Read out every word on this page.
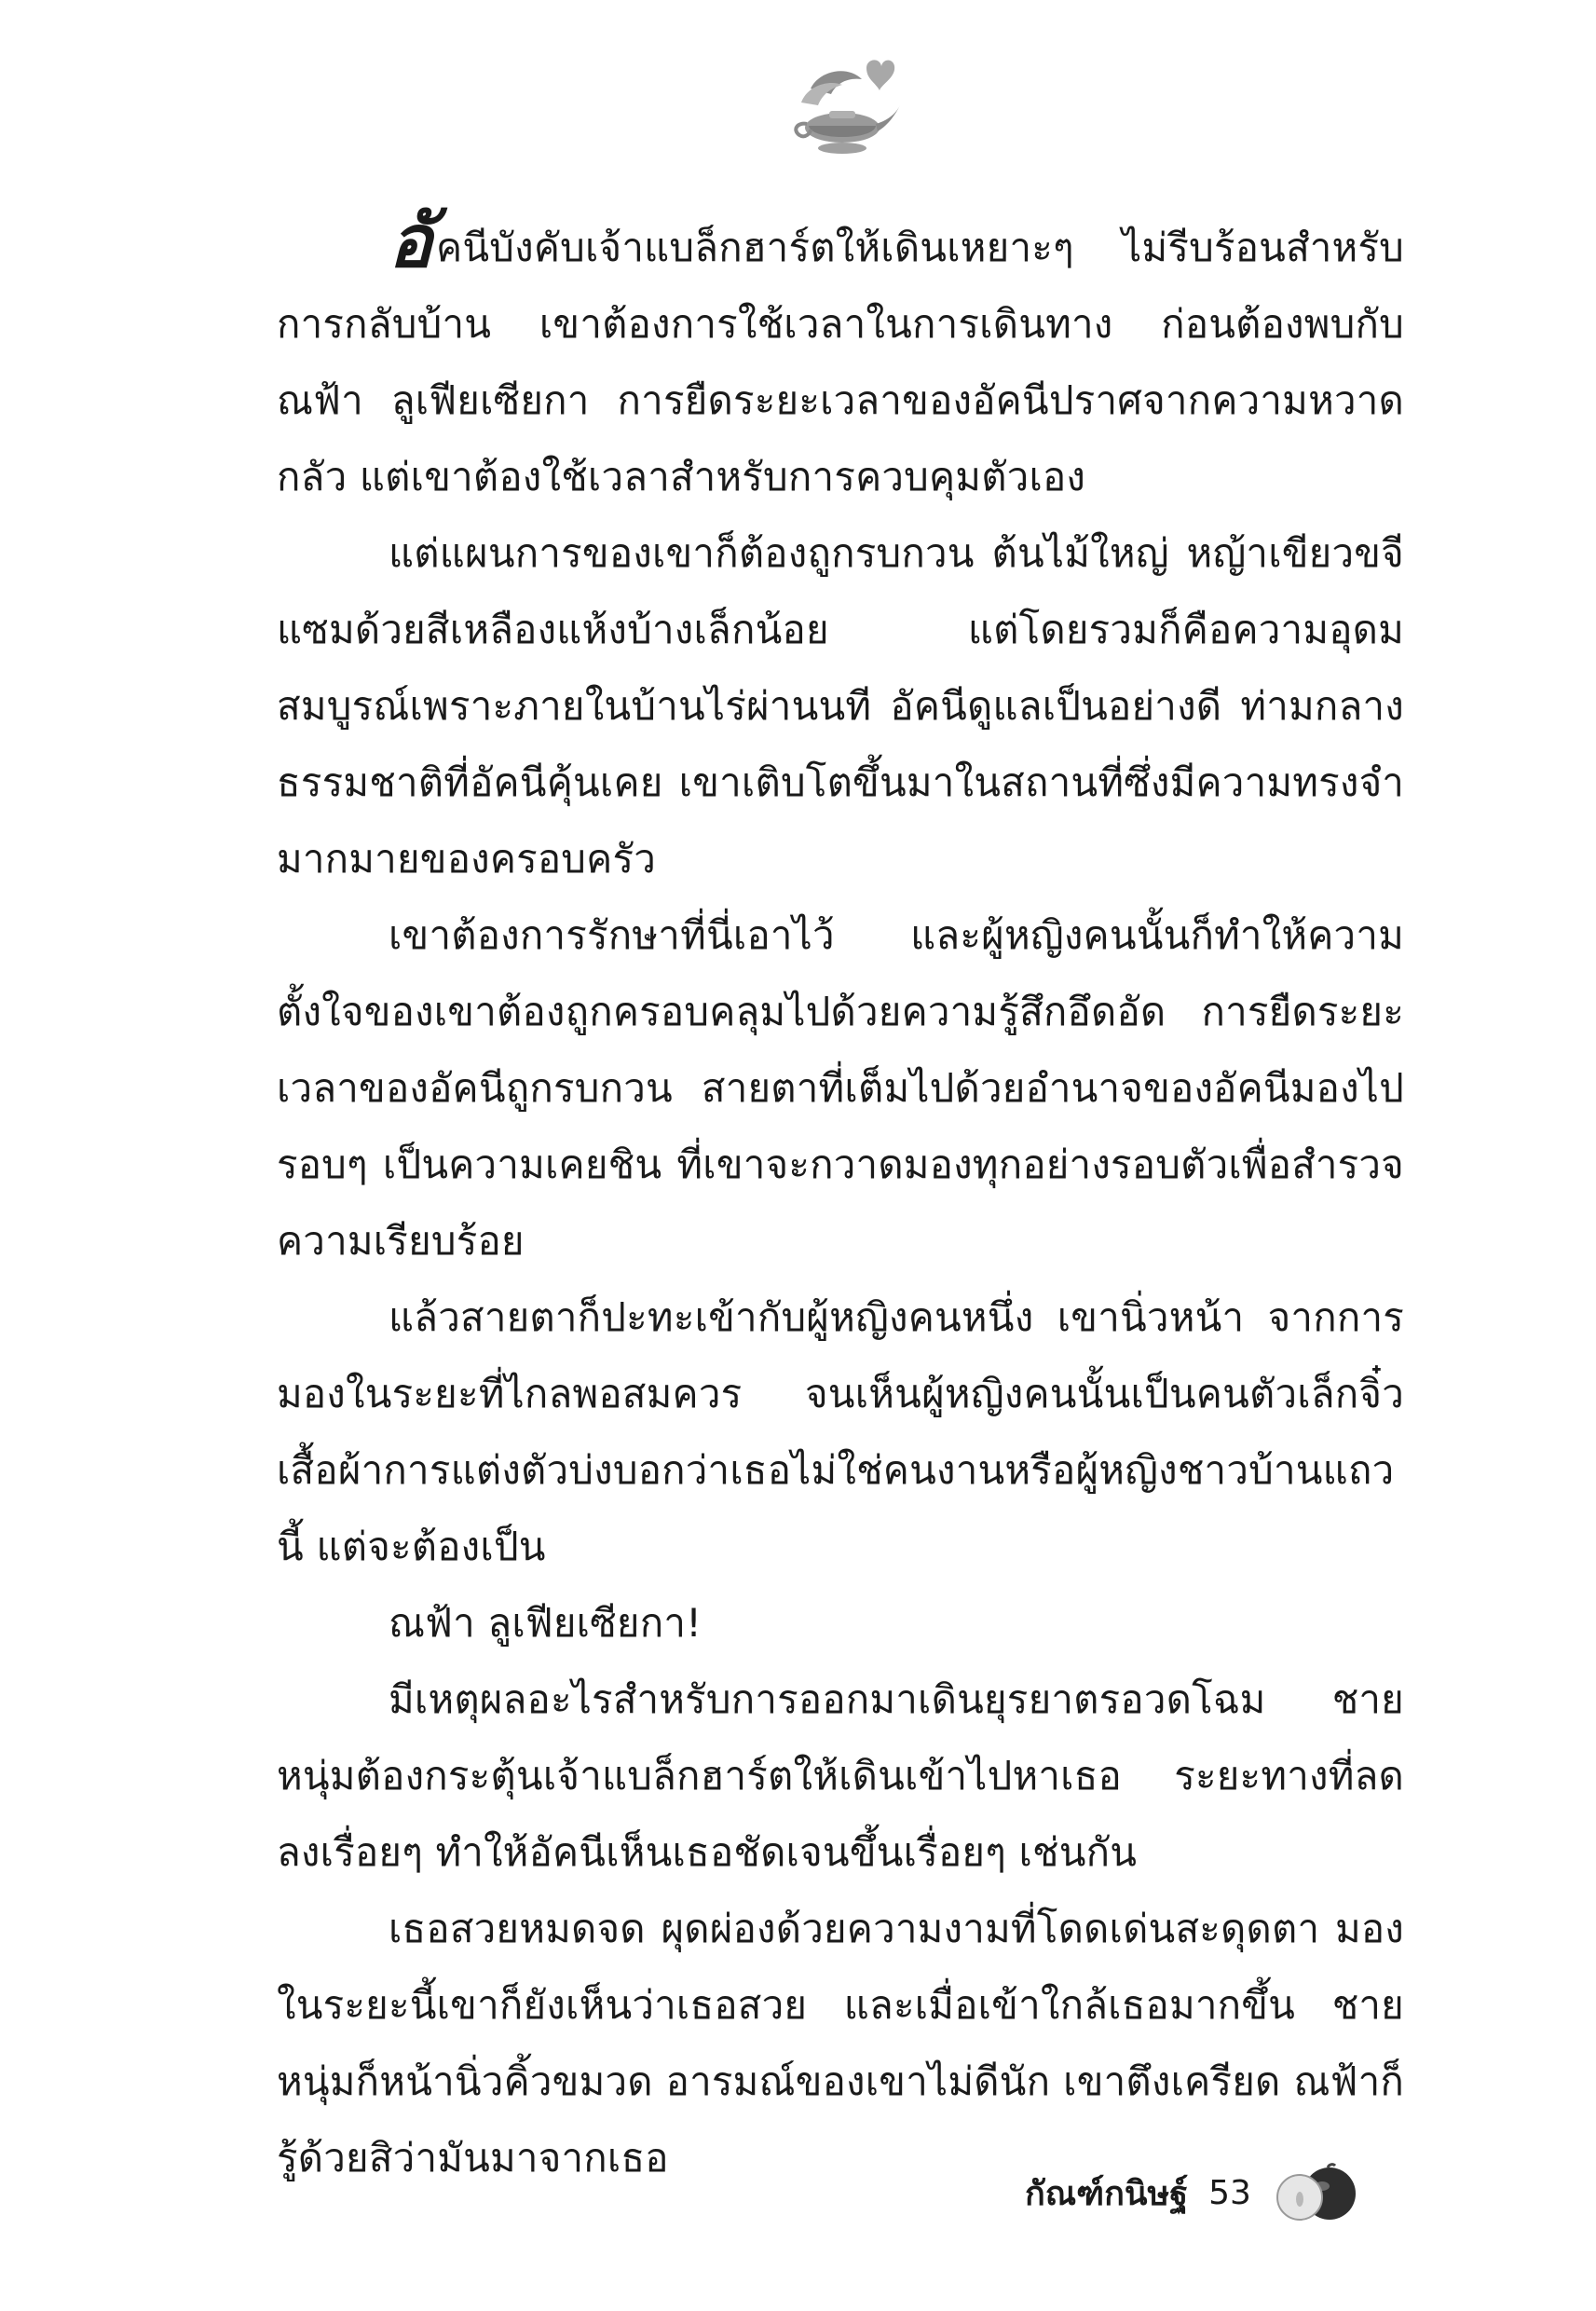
อัคนีบังคับเจ้าแบล็กฮาร์ตให้เดินเหยาะๆ ไม่รีบร้อนสำหรับการกลับบ้าน เขาต้องการใช้เวลาในการเดินทาง ก่อนต้องพบกับ ณฟ้า ลูเฟียเซียกา การยืดระยะเวลาของอัคนีปราศจากความหวาดกลัว แต่เขาต้องใช้เวลาสำหรับการควบคุมตัวเอง

แต่แผนการของเขาก็ต้องถูกรบกวน ต้นไม้ใหญ่ หญ้าเขียวขจีแซมด้วยสีเหลืองแห้งบ้างเล็กน้อย แต่โดยรวมก็คือความอุดมสมบูรณ์เพราะภายในบ้านไร่ผ่านนที อัคนีดูแลเป็นอย่างดี ท่ามกลางธรรมชาติที่อัคนีคุ้นเคย เขาเติบโตขึ้นมาในสถานที่ซึ่งมีความทรงจำมากมายของครอบครัว

เขาต้องการรักษาที่นี่เอาไว้ และผู้หญิงคนนั้นก็ทำให้ความตั้งใจของเขาต้องถูกครอบคลุมไปด้วยความรู้สึกอึดอัด การยืดระยะเวลาของอัคนีถูกรบกวน สายตาที่เต็มไปด้วยอำนาจของอัคนีมองไปรอบๆ เป็นความเคยชิน ที่เขาจะกวาดมองทุกอย่างรอบตัวเพื่อสำรวจความเรียบร้อย

แล้วสายตาก็ปะทะเข้ากับผู้หญิงคนหนึ่ง เขานิ่วหน้า จากการมองในระยะที่ไกลพอสมควร จนเห็นผู้หญิงคนนั้นเป็นคนตัวเล็กจิ๋ว เสื้อผ้าการแต่งตัวบ่งบอกว่าเธอไม่ใช่คนงานหรือผู้หญิงชาวบ้านแถวนี้ แต่จะต้องเป็น

ณฟ้า ลูเฟียเซียกา!

มีเหตุผลอะไรสำหรับการออกมาเดินยุรยาตรอวดโฉม ชายหนุ่มต้องกระตุ้นเจ้าแบล็กฮาร์ตให้เดินเข้าไปหาเธอ ระยะทางที่ลดลงเรื่อยๆ ทำให้อัคนีเห็นเธอชัดเจนขึ้นเรื่อยๆ เช่นกัน

เธอสวยหมดจด ผุดผ่องด้วยความงามที่โดดเด่นสะดุดตา มองในระยะนี้เขาก็ยังเห็นว่าเธอสวย และเมื่อเข้าใกล้เธอมากขึ้น ชายหนุ่มก็หน้านิ่วคิ้วขมวด อารมณ์ของเขาไม่ดีนัก เขาตึงเครียด ณฟ้าก็รู้ด้วยสิว่ามันมาจากเธอ

กัณฑ์กนิษฐ์ 53
